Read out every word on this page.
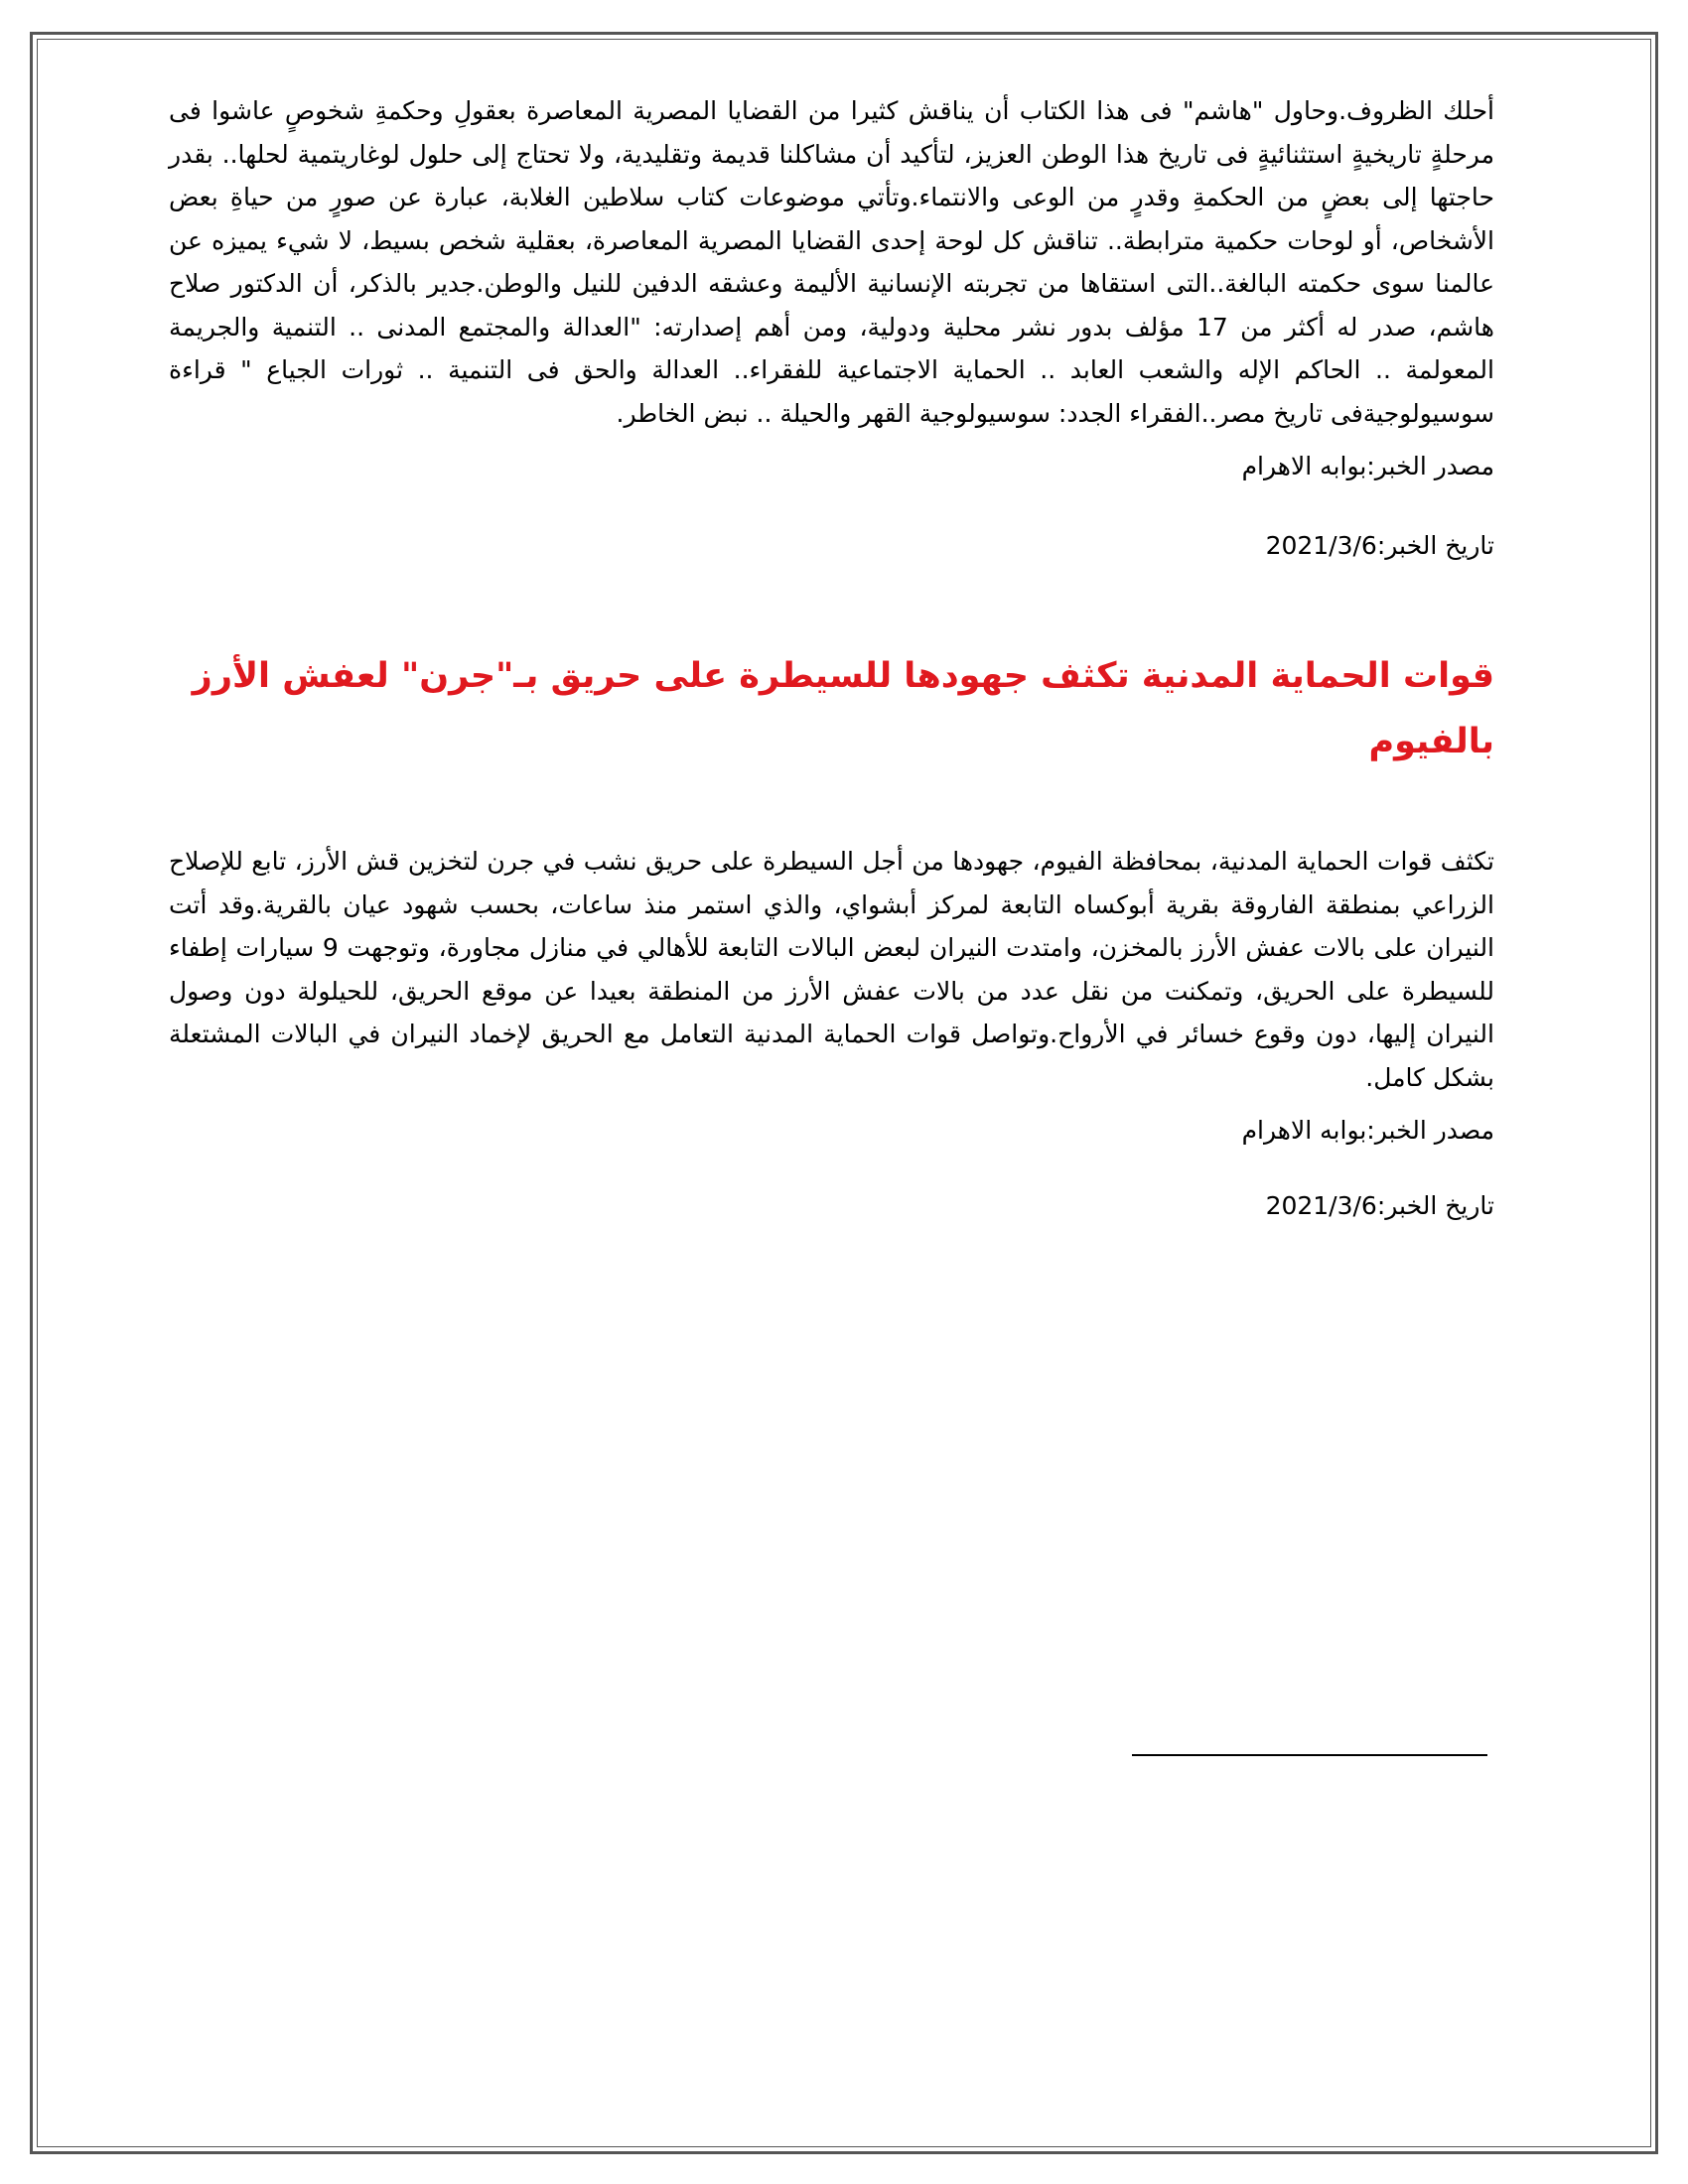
أحلك الظروف.وحاول "هاشم" فى هذا الكتاب أن يناقش كثيرا من القضايا المصرية المعاصرة بعقولِ وحكمةِ شخوصٍ عاشوا فى مرحلةٍ تاريخيةٍ استثنائيةٍ فى تاريخ هذا الوطن العزيز، لتأكيد أن مشاكلنا قديمة وتقليدية، ولا تحتاج إلى حلول لوغاريتمية لحلها.. بقدر حاجتها إلى بعضٍ من الحكمةِ وقدرٍ من الوعى والانتماء.وتأتي موضوعات كتاب سلاطين الغلابة، عبارة عن صورٍ من حياةِ بعض الأشخاص، أو لوحات حكمية مترابطة.. تناقش كل لوحة إحدى القضايا المصرية المعاصرة، بعقلية شخص بسيط، لا شيء يميزه عن عالمنا سوى حكمته البالغة..التى استقاها من تجربته الإنسانية الأليمة وعشقه الدفين للنيل والوطن.جدير بالذكر، أن الدكتور صلاح هاشم، صدر له أكثر من 17 مؤلف بدور نشر محلية ودولية، ومن أهم إصدارته: "العدالة والمجتمع المدنى .. التنمية والجريمة المعولمة .. الحاكم الإله والشعب العابد .. الحماية الاجتماعية للفقراء.. العدالة والحق فى التنمية .. ثورات الجياع " قراءة سوسيولوجيةفى تاريخ مصر..الفقراء الجدد: سوسيولوجية القهر والحيلة .. نبض الخاطر.

مصدر الخبر:بوابه الاهرام

تاريخ الخبر:2021/3/6

قوات الحماية المدنية تكثف جهودها للسيطرة على حريق بـ"جرن" لعفش الأرز بالفيوم

تكثف قوات الحماية المدنية، بمحافظة الفيوم، جهودها من أجل السيطرة على حريق نشب في جرن لتخزين قش الأرز، تابع للإصلاح الزراعي بمنطقة الفاروقة بقرية أبوكساه التابعة لمركز أبشواي، والذي استمر منذ ساعات، بحسب شهود عيان بالقرية.وقد أتت النيران على بالات عفش الأرز بالمخزن، وامتدت النيران لبعض البالات التابعة للأهالي في منازل مجاورة، وتوجهت 9 سيارات إطفاء للسيطرة على الحريق، وتمكنت من نقل عدد من بالات عفش الأرز من المنطقة بعيدا عن موقع الحريق، للحيلولة دون وصول النيران إليها، دون وقوع خسائر في الأرواح.وتواصل قوات الحماية المدنية التعامل مع الحريق لإخماد النيران في البالات المشتعلة بشكل كامل.

مصدر الخبر:بوابه الاهرام

تاريخ الخبر:2021/3/6
